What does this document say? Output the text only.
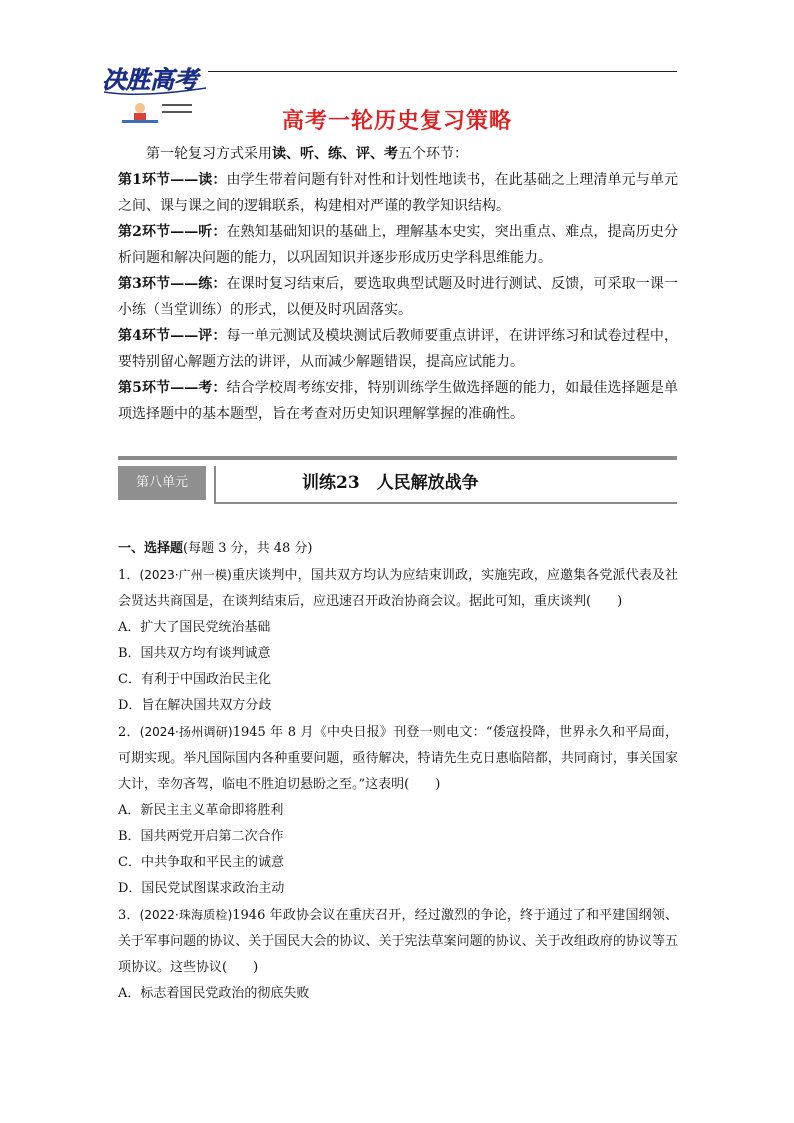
决胜高考
高考一轮历史复习策略

第一轮复习方式采用读、听、练、评、考五个环节：

第1环节——读：由学生带着问题有针对性和计划性地读书，在此基础之上理清单元与单元之间、课与课之间的逻辑联系，构建相对严谨的教学知识结构。

第2环节——听：在熟知基础知识的基础上，理解基本史实，突出重点、难点，提高历史分析问题和解决问题的能力，以巩固知识并逐步形成历史学科思维能力。

第3环节——练：在课时复习结束后，要选取典型试题及时进行测试、反馈，可采取一课一小练（当堂训练）的形式，以便及时巩固落实。

第4环节——评：每一单元测试及模块测试后教师要重点讲评，在讲评练习和试卷过程中，要特别留心解题方法的讲评，从而减少解题错误，提高应试能力。

第5环节——考：结合学校周考练安排，特别训练学生做选择题的能力，如最佳选择题是单项选择题中的基本题型，旨在考查对历史知识理解掌握的准确性。

第八单元	训练23　人民解放战争

一、选择题(每题 3 分，共 48 分)

1．(2023·广州一模)重庆谈判中，国共双方均认为应结束训政，实施宪政，应邀集各党派代表及社会贤达共商国是，在谈判结束后，应迅速召开政治协商会议。据此可知，重庆谈判(　　)

A．扩大了国民党统治基础

B．国共双方均有谈判诚意

C．有利于中国政治民主化

D．旨在解决国共双方分歧

2．(2024·扬州调研)1945 年 8 月《中央日报》刊登一则电文：“倭寇投降，世界永久和平局面，可期实现。举凡国际国内各种重要问题，亟待解决，特请先生克日惠临陪都，共同商讨，事关国家大计，幸勿吝驾，临电不胜迫切悬盼之至。”这表明(　　)

A．新民主主义革命即将胜利

B．国共两党开启第二次合作

C．中共争取和平民主的诚意

D．国民党试图谋求政治主动

3．(2022·珠海质检)1946 年政协会议在重庆召开，经过激烈的争论，终于通过了和平建国纲领、关于军事问题的协议、关于国民大会的协议、关于宪法草案问题的协议、关于改组政府的协议等五项协议。这些协议(　　)

A．标志着国民党政治的彻底失败
